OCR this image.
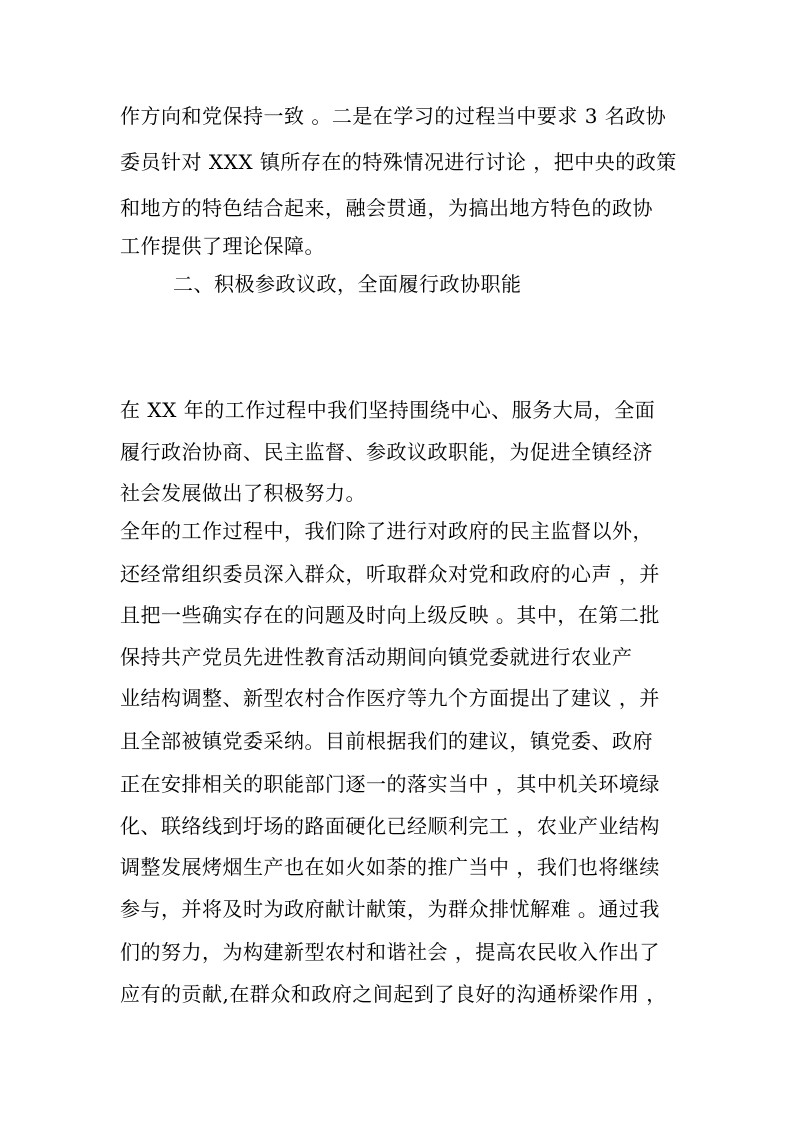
作方向和党保持一致 。二是在学习的过程当中要求 3 名政协
委员针对 XXX 镇所存在的特殊情况进行讨论 ，把中央的政策
和地方的特色结合起来，融会贯通，为搞出地方特色的政协
工作提供了理论保障。
二、积极参政议政，全面履行政协职能
在 XX 年的工作过程中我们坚持围绕中心、服务大局，全面
履行政治协商、民主监督、参政议政职能，为促进全镇经济
社会发展做出了积极努力。
全年的工作过程中，我们除了进行对政府的民主监督以外，
还经常组织委员深入群众，听取群众对党和政府的心声 ，并
且把一些确实存在的问题及时向上级反映 。其中，在第二批
保持共产党员先进性教育活动期间向镇党委就进行农业产
业结构调整、新型农村合作医疗等九个方面提出了建议 ，并
且全部被镇党委采纳。目前根据我们的建议，镇党委、政府
正在安排相关的职能部门逐一的落实当中 ，其中机关环境绿
化、联络线到圩场的路面硬化已经顺利完工 ，农业产业结构
调整发展烤烟生产也在如火如荼的推广当中 ，我们也将继续
参与，并将及时为政府献计献策，为群众排忧解难 。通过我
们的努力，为构建新型农村和谐社会 ，提高农民收入作出了
应有的贡献,在群众和政府之间起到了良好的沟通桥梁作用 ，
